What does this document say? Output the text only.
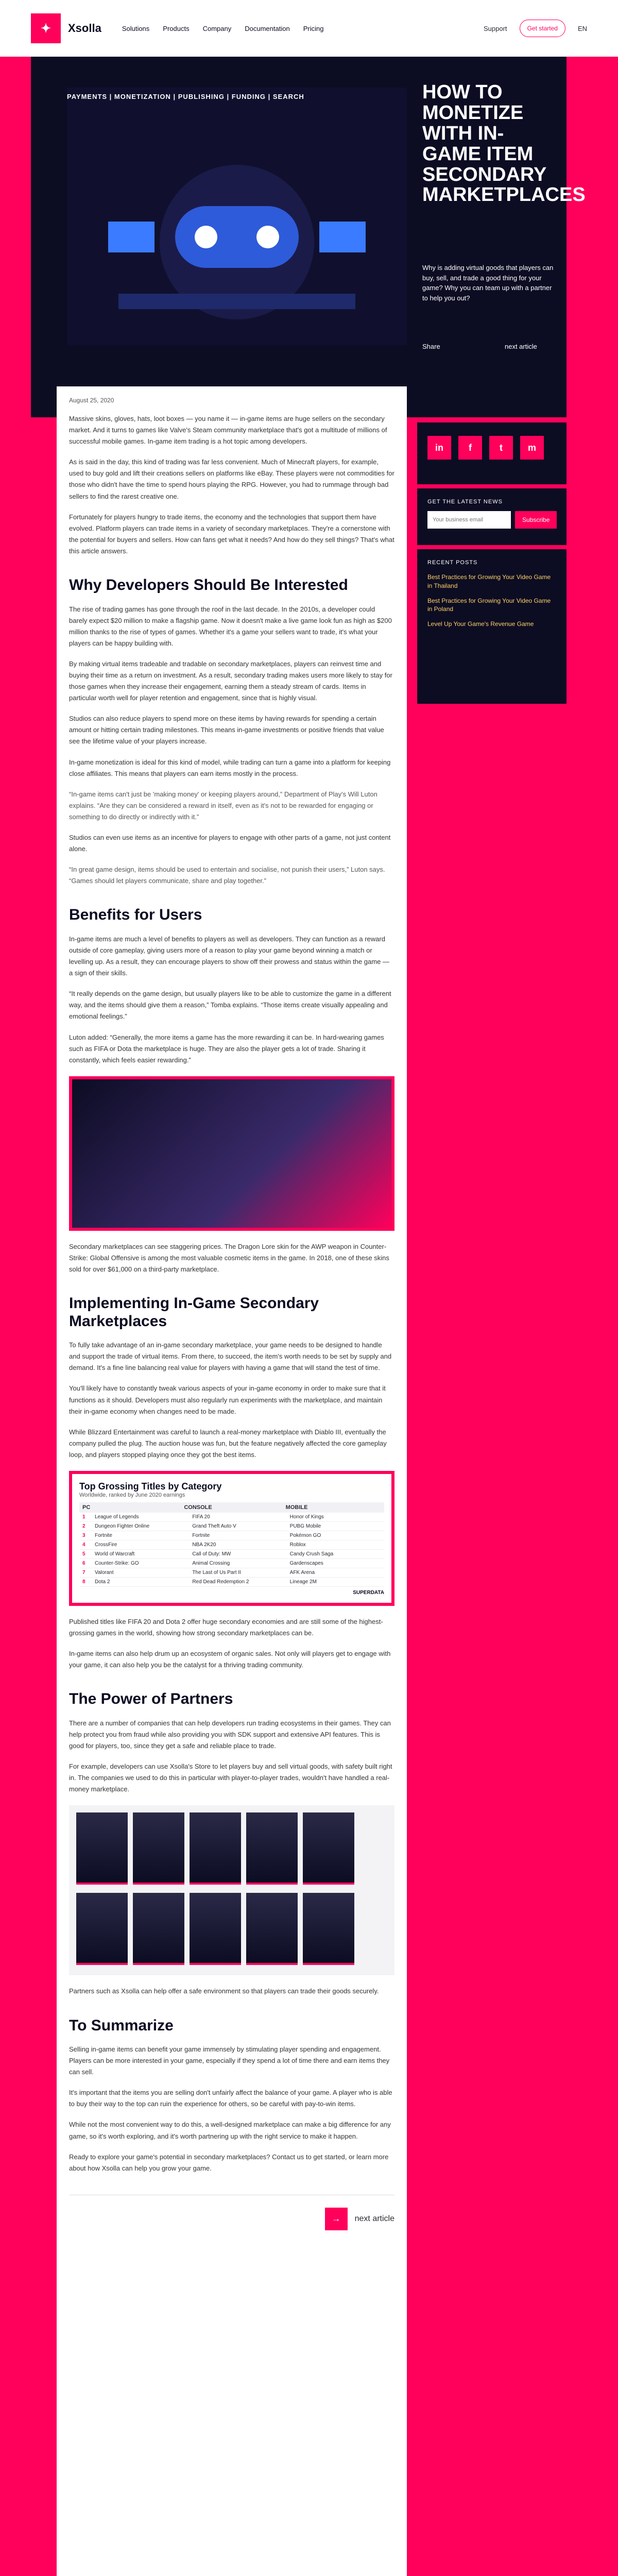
✦	Xsolla	Solutions Products Company Documentation Pricing	Support	Get started	EN
PAYMENTS | MONETIZATION | PUBLISHING | FUNDING | SEARCH	HOW TO MONETIZE WITH IN-GAME ITEM SECONDARY MARKETPLACES
Why is adding virtual goods that players can buy, sell, and trade a good thing for your game? Why you can team up with a partner to help you out?
Share	next article
August 25, 2020

Massive skins, gloves, hats, loot boxes — you name it — in-game items are huge sellers on the secondary market. And it turns to games like Valve's Steam community marketplace that's got a multitude of millions of successful mobile games. In-game item trading is a hot topic among developers.

As is said in the day, this kind of trading was far less convenient. Much of Minecraft players, for example, used to buy gold and lift their creations sellers on platforms like eBay. These players were not commodities for those who didn't have the time to spend hours playing the RPG. However, you had to rummage through bad sellers to find the rarest creative one.

Fortunately for players hungry to trade items, the economy and the technologies that support them have evolved. Platform players can trade items in a variety of secondary marketplaces. They're a cornerstone with the potential for buyers and sellers. How can fans get what it needs? And how do they sell things? That's what this article answers.

Why Developers Should Be Interested

The rise of trading games has gone through the roof in the last decade. In the 2010s, a developer could barely expect $20 million to make a flagship game. Now it doesn't make a live game look fun as high as $200 million thanks to the rise of types of games. Whether it's a game your sellers want to trade, it's what your players can be happy building with.

By making virtual items tradeable and tradable on secondary marketplaces, players can reinvest time and buying their time as a return on investment. As a result, secondary trading makes users more likely to stay for those games when they increase their engagement, earning them a steady stream of cards. Items in particular worth well for player retention and engagement, since that is highly visual.

Studios can also reduce players to spend more on these items by having rewards for spending a certain amount or hitting certain trading milestones. This means in-game investments or positive friends that value see the lifetime value of your players increase.

In-game monetization is ideal for this kind of model, while trading can turn a game into a platform for keeping close affiliates. This means that players can earn items mostly in the process.

“In-game items can't just be 'making money' or keeping players around,” Department of Play's Will Luton explains. “Are they can be considered a reward in itself, even as it's not to be rewarded for engaging or something to do directly or indirectly with it.”

Studios can even use items as an incentive for players to engage with other parts of a game, not just content alone.

“In great game design, items should be used to entertain and socialise, not punish their users,” Luton says. “Games should let players communicate, share and play together.”

Benefits for Users

In-game items are much a level of benefits to players as well as developers. They can function as a reward outside of core gameplay, giving users more of a reason to play your game beyond winning a match or levelling up. As a result, they can encourage players to show off their prowess and status within the game — a sign of their skills.

“It really depends on the game design, but usually players like to be able to customize the game in a different way, and the items should give them a reason,” Tomba explains. “Those items create visually appealing and emotional feelings.”

Luton added: “Generally, the more items a game has the more rewarding it can be. In hard-wearing games such as FIFA or Dota the marketplace is huge. They are also the player gets a lot of trade. Sharing it constantly, which feels easier rewarding.”

Secondary marketplaces can see staggering prices. The Dragon Lore skin for the AWP weapon in Counter-Strike: Global Offensive is among the most valuable cosmetic items in the game. In 2018, one of these skins sold for over $61,000 on a third-party marketplace.
Implementing In-Game Secondary Marketplaces

To fully take advantage of an in-game secondary marketplace, your game needs to be designed to handle and support the trade of virtual items. From there, to succeed, the item's worth needs to be set by supply and demand. It's a fine line balancing real value for players with having a game that will stand the test of time.

You'll likely have to constantly tweak various aspects of your in-game economy in order to make sure that it functions as it should. Developers must also regularly run experiments with the marketplace, and maintain their in-game economy when changes need to be made.

While Blizzard Entertainment was careful to launch a real-money marketplace with Diablo III, eventually the company pulled the plug. The auction house was fun, but the feature negatively affected the core gameplay loop, and players stopped playing once they got the best items.

Top Grossing Titles by Category
Worldwide, ranked by June 2020 earnings
PC	CONSOLE	MOBILE
1	League of Legends	FIFA 20	Honor of Kings
2	Dungeon Fighter Online	Grand Theft Auto V	PUBG Mobile
3	Fortnite	Fortnite	Pokémon GO
4	CrossFire	NBA 2K20	Roblox
5	World of Warcraft	Call of Duty: MW	Candy Crush Saga
6	Counter-Strike: GO	Animal Crossing	Gardenscapes
7	Valorant	The Last of Us Part II	AFK Arena
8	Dota 2	Red Dead Redemption 2	Lineage 2M
SUPERDATA

Published titles like FIFA 20 and Dota 2 offer huge secondary economies and are still some of the highest-grossing games in the world, showing how strong secondary marketplaces can be.

In-game items can also help drum up an ecosystem of organic sales. Not only will players get to engage with your game, it can also help you be the catalyst for a thriving trading community.

The Power of Partners

There are a number of companies that can help developers run trading ecosystems in their games. They can help protect you from fraud while also providing you with SDK support and extensive API features. This is good for players, too, since they get a safe and reliable place to trade.

For example, developers can use Xsolla's Store to let players buy and sell virtual goods, with safety built right in. The companies we used to do this in particular with player-to-player trades, wouldn't have handled a real-money marketplace.

Partners such as Xsolla can help offer a safe environment so that players can trade their goods securely.

To Summarize

Selling in-game items can benefit your game immensely by stimulating player spending and engagement. Players can be more interested in your game, especially if they spend a lot of time there and earn items they can sell.

It's important that the items you are selling don't unfairly affect the balance of your game. A player who is able to buy their way to the top can ruin the experience for others, so be careful with pay-to-win items.

While not the most convenient way to do this, a well-designed marketplace can make a big difference for any game, so it's worth exploring, and it's worth partnering up with the right service to make it happen.

Ready to explore your game's potential in secondary marketplaces? Contact us to get started, or learn more about how Xsolla can help you grow your game.

→	next article
in	f	t	m
GET THE LATEST NEWS
Your business email
Subscribe
RECENT POSTS
Best Practices for Growing Your Video Game in Thailand
Best Practices for Growing Your Video Game in Poland
Level Up Your Game's Revenue Game
